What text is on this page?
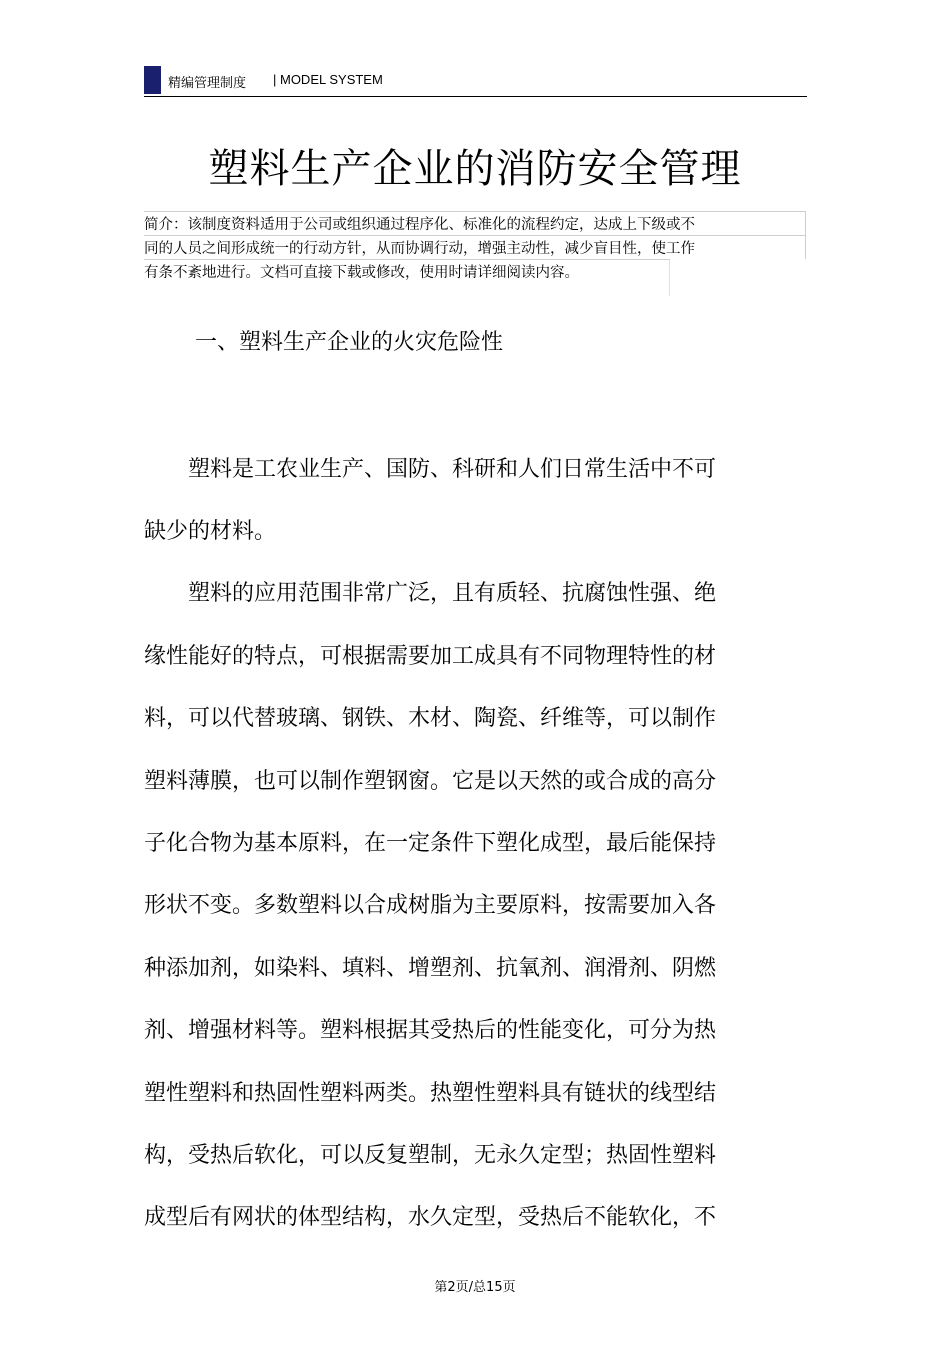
精编管理制度 | MODEL SYSTEM
塑料生产企业的消防安全管理
简介：该制度资料适用于公司或组织通过程序化、标准化的流程约定，达成上下级或不
同的人员之间形成统一的行动方针，从而协调行动，增强主动性，减少盲目性，使工作
有条不紊地进行。文档可直接下载或修改，使用时请详细阅读内容。
一、塑料生产企业的火灾危险性
　　塑料是工农业生产、国防、科研和人们日常生活中不可
缺少的材料。
　　塑料的应用范围非常广泛，且有质轻、抗腐蚀性强、绝
缘性能好的特点，可根据需要加工成具有不同物理特性的材
料，可以代替玻璃、钢铁、木材、陶瓷、纤维等，可以制作
塑料薄膜，也可以制作塑钢窗。它是以天然的或合成的高分
子化合物为基本原料，在一定条件下塑化成型，最后能保持
形状不变。多数塑料以合成树脂为主要原料，按需要加入各
种添加剂，如染料、填料、增塑剂、抗氧剂、润滑剂、阴燃
剂、增强材料等。塑料根据其受热后的性能变化，可分为热
塑性塑料和热固性塑料两类。热塑性塑料具有链状的线型结
构，受热后软化，可以反复塑制，无永久定型；热固性塑料
成型后有网状的体型结构，水久定型，受热后不能软化，不
第2页/总15页
